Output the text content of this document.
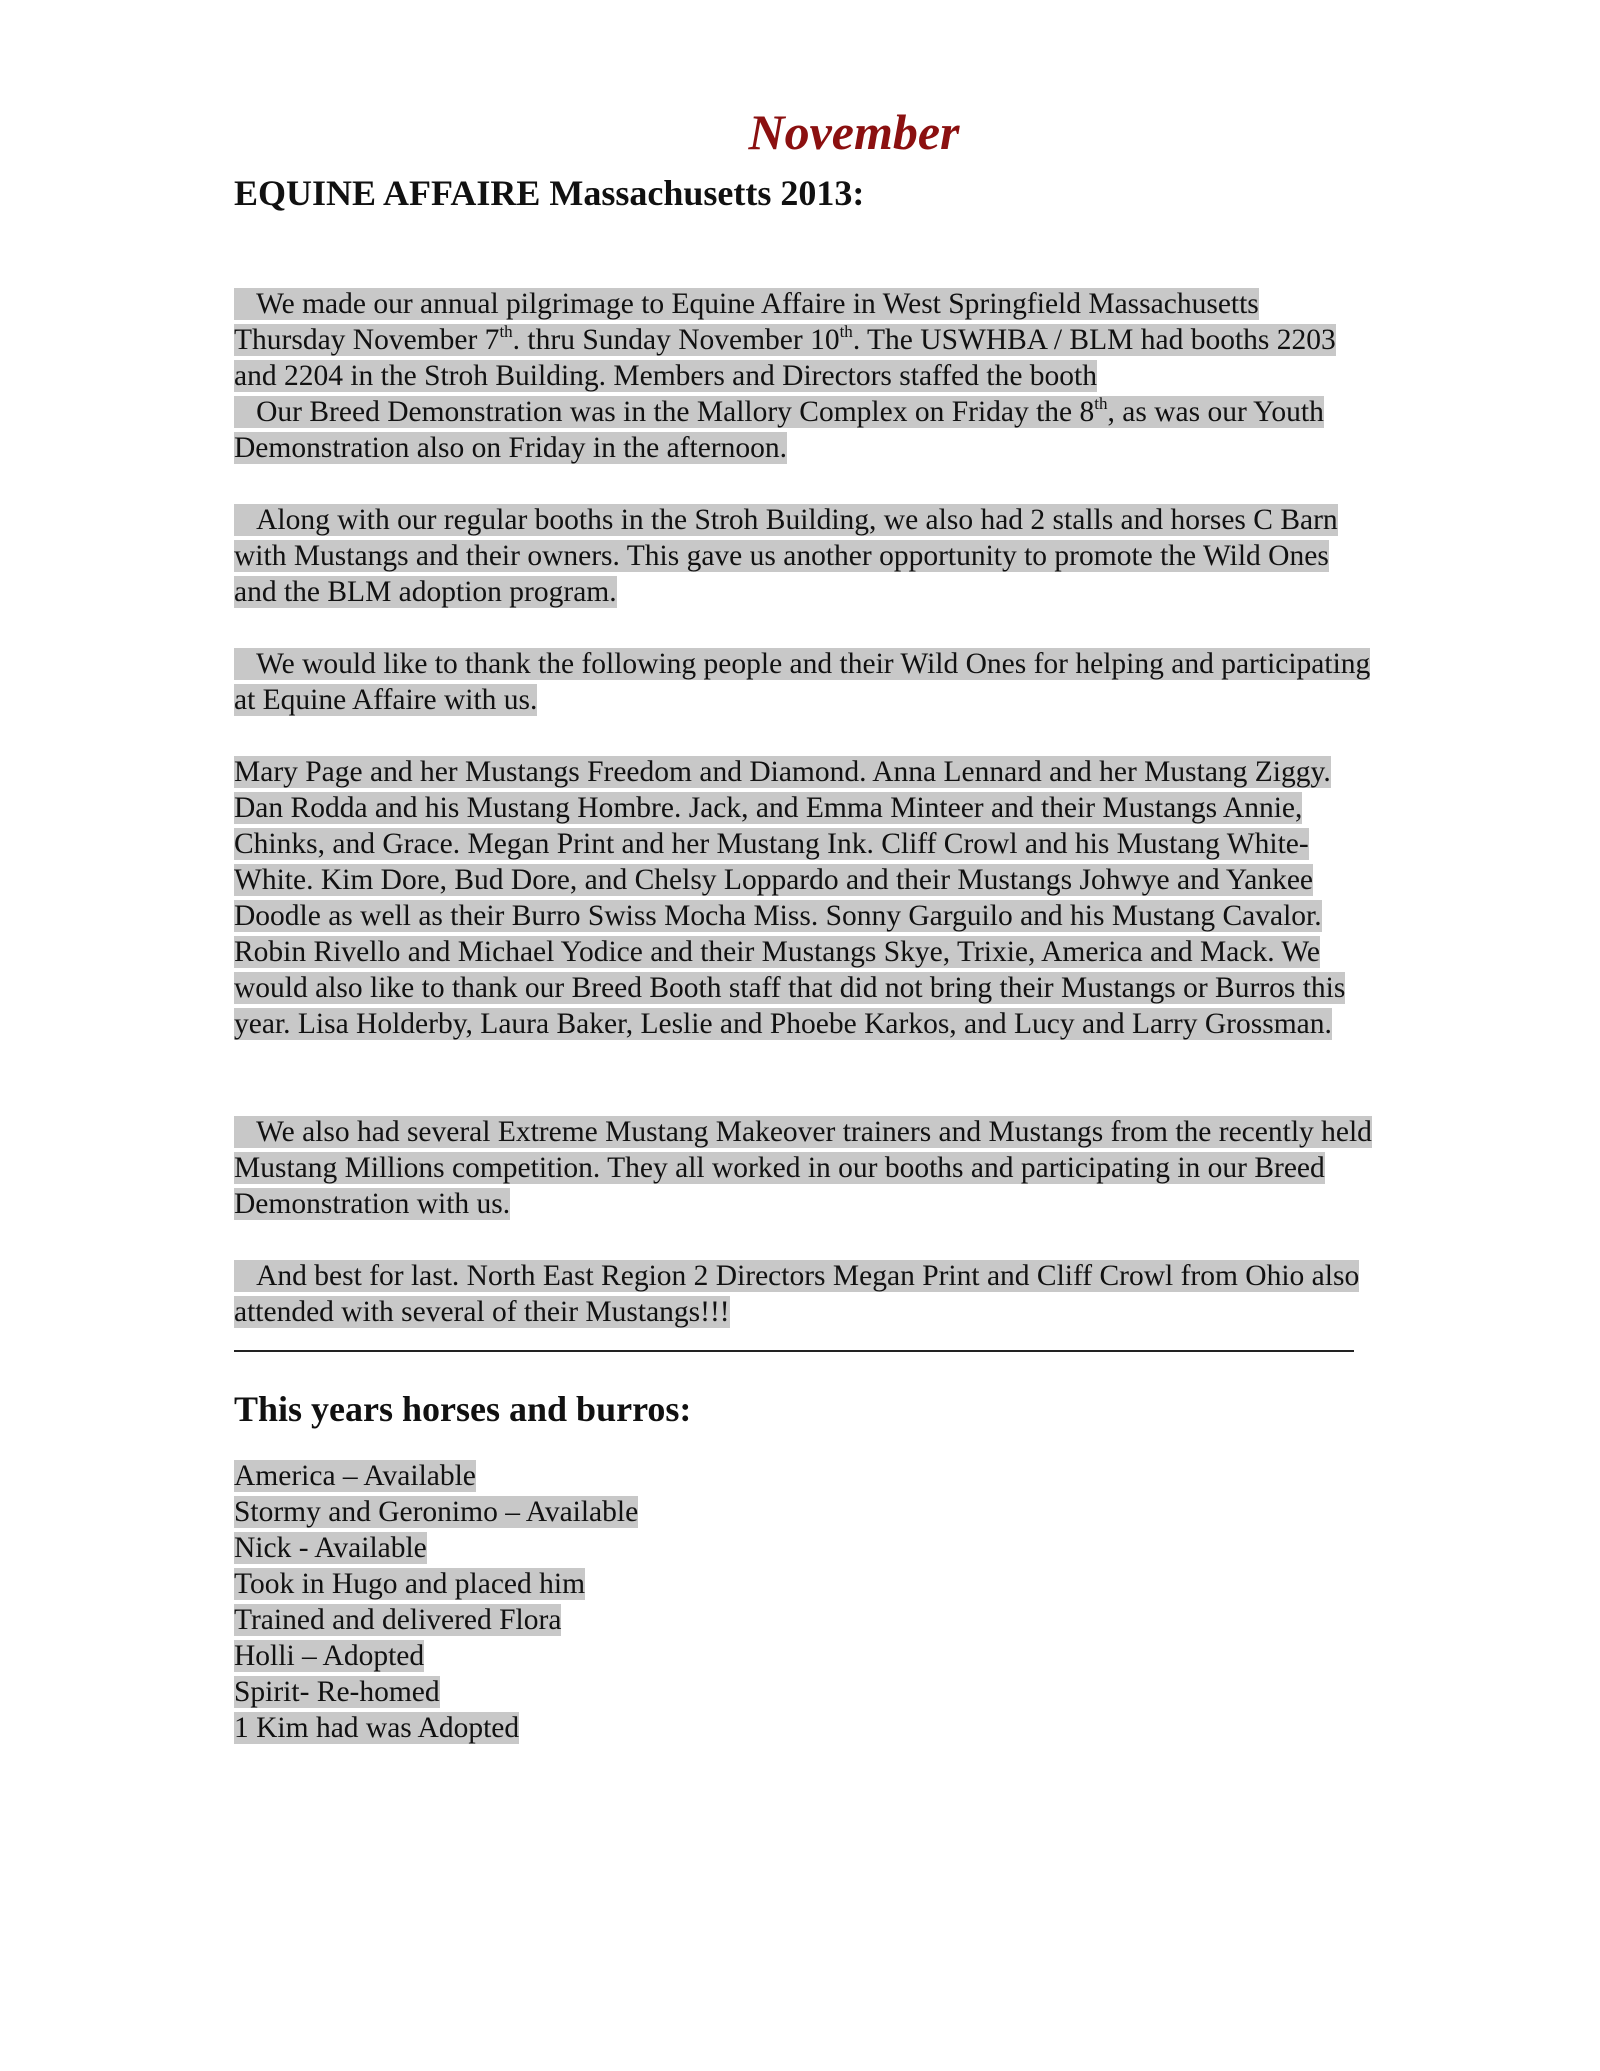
November
EQUINE AFFAIRE Massachusetts 2013:

We made our annual pilgrimage to Equine Affaire in West Springfield Massachusetts Thursday November 7th. thru Sunday November 10th. The USWHBA / BLM had booths 2203 and 2204 in the Stroh Building. Members and Directors staffed the booth
Our Breed Demonstration was in the Mallory Complex on Friday the 8th, as was our Youth Demonstration also on Friday in the afternoon.

Along with our regular booths in the Stroh Building, we also had 2 stalls and horses C Barn with Mustangs and their owners. This gave us another opportunity to promote the Wild Ones and the BLM adoption program.

We would like to thank the following people and their Wild Ones for helping and participating at Equine Affaire with us.

Mary Page and her Mustangs Freedom and Diamond. Anna Lennard and her Mustang Ziggy. Dan Rodda and his Mustang Hombre. Jack, and Emma Minteer and their Mustangs Annie, Chinks, and Grace. Megan Print and her Mustang Ink. Cliff Crowl and his Mustang White-White. Kim Dore, Bud Dore, and Chelsy Loppardo and their Mustangs Johwye and Yankee Doodle as well as their Burro Swiss Mocha Miss. Sonny Garguilo and his Mustang Cavalor. Robin Rivello and Michael Yodice and their Mustangs Skye, Trixie, America and Mack. We would also like to thank our Breed Booth staff that did not bring their Mustangs or Burros this year. Lisa Holderby, Laura Baker, Leslie and Phoebe Karkos, and Lucy and Larry Grossman.

We also had several Extreme Mustang Makeover trainers and Mustangs from the recently held Mustang Millions competition. They all worked in our booths and participating in our Breed Demonstration with us.

And best for last. North East Region 2 Directors Megan Print and Cliff Crowl from Ohio also attended with several of their Mustangs!!!

This years horses and burros:
America – Available
Stormy and Geronimo – Available
Nick - Available
Took in Hugo and placed him
Trained and delivered Flora
Holli – Adopted
Spirit- Re-homed
1 Kim had was Adopted
